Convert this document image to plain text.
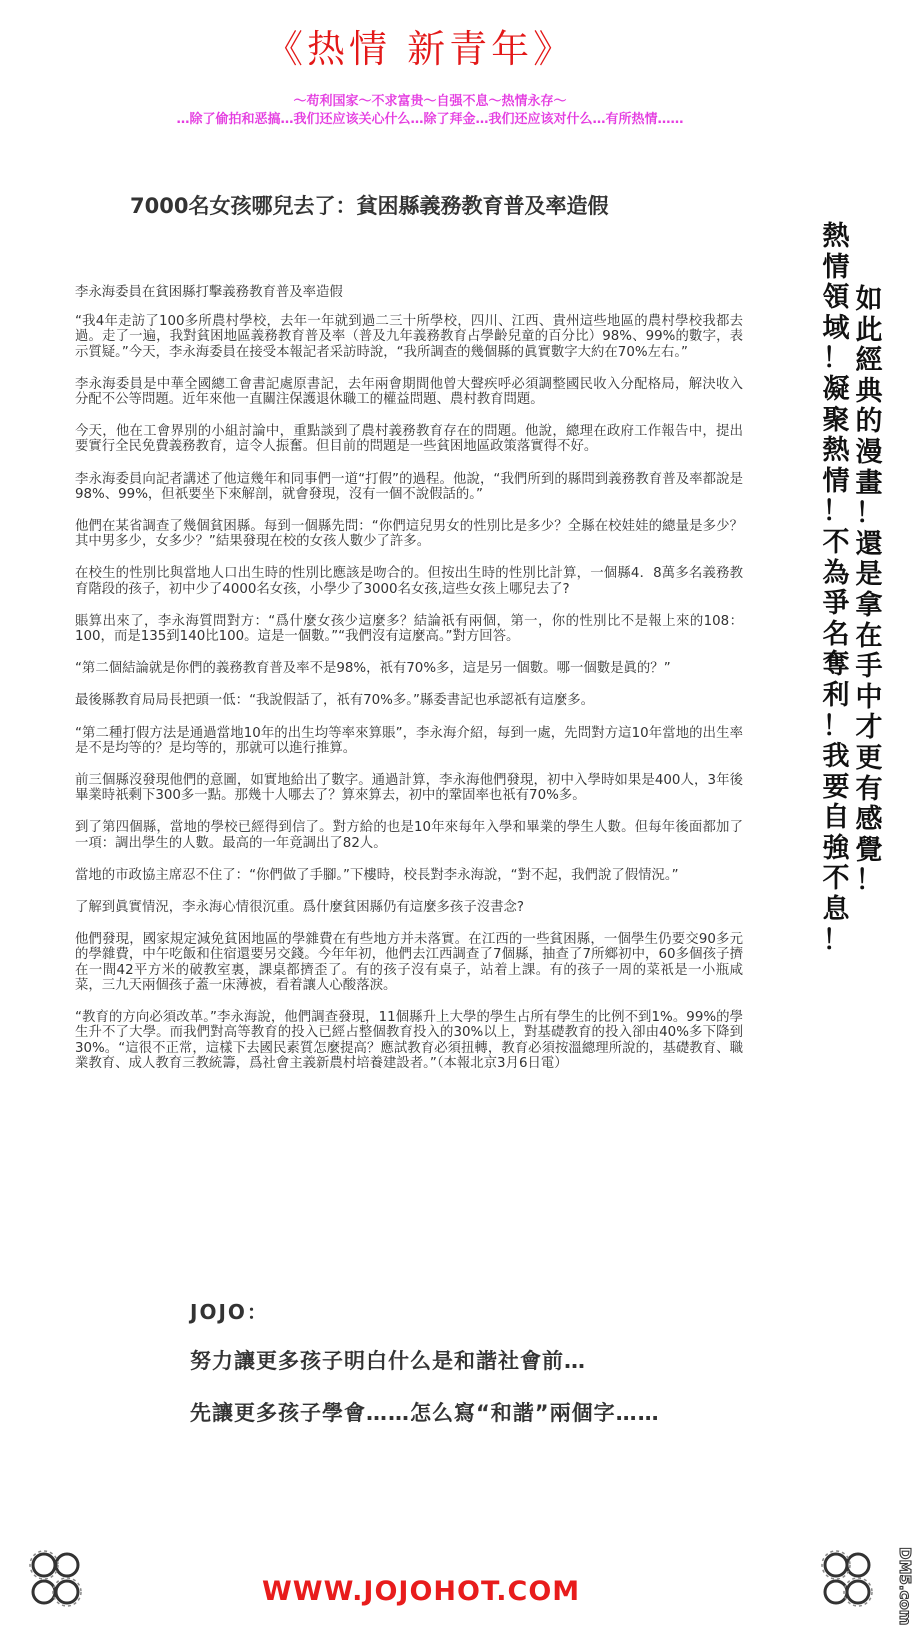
《热情 新青年》
～苟利国家～不求富贵～自强不息～热情永存～
…除了偷拍和恶搞…我们还应该关心什么…除了拜金…我们还应该对什么…有所热情……
7000名女孩哪兒去了：貧困縣義務教育普及率造假

李永海委員在貧困縣打擊義務教育普及率造假

“我4年走訪了100多所農村學校，去年一年就到過二三十所學校，四川、江西、貴州這些地區的農村學校我都去過。走了一遍，我對貧困地區義務教育普及率（普及九年義務教育占學齡兒童的百分比）98%、99%的數字，表示質疑。”今天，李永海委員在接受本報記者采訪時說，“我所調查的幾個縣的眞實數字大約在70%左右。”

李永海委員是中華全國總工會書記處原書記，去年兩會期間他曾大聲疾呼必須調整國民收入分配格局，解決收入分配不公等問題。近年來他一直關注保護退休職工的權益問題、農村教育問題。

今天，他在工會界別的小組討論中，重點談到了農村義務教育存在的問題。他說，總理在政府工作報告中，提出要實行全民免費義務教育，這令人振奮。但目前的問題是一些貧困地區政策落實得不好。

李永海委員向記者講述了他這幾年和同事們一道“打假”的過程。他說，“我們所到的縣問到義務教育普及率都說是98%、99%，但祇要坐下來解剖，就會發現，沒有一個不說假話的。”

他們在某省調查了幾個貧困縣。每到一個縣先問：“你們這兒男女的性別比是多少？全縣在校娃娃的總量是多少？其中男多少，女多少？”結果發現在校的女孩人數少了許多。

在校生的性別比與當地人口出生時的性別比應該是吻合的。但按出生時的性別比計算，一個縣4．8萬多名義務教育階段的孩子，初中少了4000名女孩，小學少了3000名女孩,這些女孩上哪兒去了?

賬算出來了，李永海質問對方：“爲什麼女孩少這麼多？結論祇有兩個，第一，你的性別比不是報上來的108：100，而是135到140比100。這是一個數。”“我們沒有這麼高。”對方回答。

“第二個結論就是你們的義務教育普及率不是98%，祇有70%多，這是另一個數。哪一個數是眞的？”

最後縣教育局局長把頭一低：“我說假話了，祇有70%多。”縣委書記也承認祇有這麼多。

“第二種打假方法是通過當地10年的出生均等率來算賬”，李永海介紹，每到一處，先問對方這10年當地的出生率是不是均等的？是均等的，那就可以進行推算。

前三個縣沒發現他們的意圖，如實地給出了數字。通過計算，李永海他們發現，初中入學時如果是400人，3年後畢業時祇剩下300多一點。那幾十人哪去了？算來算去，初中的鞏固率也祇有70%多。

到了第四個縣，當地的學校已經得到信了。對方給的也是10年來每年入學和畢業的學生人數。但每年後面都加了一項：調出學生的人數。最高的一年竟調出了82人。

當地的市政協主席忍不住了：“你們做了手腳。”下樓時，校長對李永海說，“對不起，我們說了假情況。”

了解到眞實情況，李永海心情很沉重。爲什麼貧困縣仍有這麼多孩子沒書念?

他們發現，國家規定減免貧困地區的學雜費在有些地方并未落實。在江西的一些貧困縣，一個學生仍要交90多元的學雜費，中午吃飯和住宿還要另交錢。今年年初，他們去江西調查了7個縣，抽查了7所鄉初中，60多個孩子擠在一間42平方米的破教室裏，課桌都擠歪了。有的孩子沒有桌子，站着上課。有的孩子一周的菜祇是一小瓶咸菜，三九天兩個孩子蓋一床薄被，看着讓人心酸落淚。

“教育的方向必須改革。”李永海說，他們調查發現，11個縣升上大學的學生占所有學生的比例不到1%。99%的學生升不了大學。而我們對高等教育的投入已經占整個教育投入的30%以上，對基礎教育的投入卻由40%多下降到30%。“這很不正常，這樣下去國民素質怎麼提高？應試教育必須扭轉，教育必須按溫總理所說的，基礎教育、職業教育、成人教育三教統籌，爲社會主義新農村培養建設者。”（本報北京3月6日電）

熱
情
領
域
！
凝
聚
熱
情
！
不
為
爭
名
奪
利
！
我
要
自
強
不
息
！
如
此
經
典
的
漫
畫
！
還
是
拿
在
手
中
才
更
有
感
覺
！
JOJO：
努力讓更多孩子明白什么是和諧社會前…
先讓更多孩子學會……怎么寫“和諧”兩個字……
WWW.JOJOHOT.COM	DM5.com
